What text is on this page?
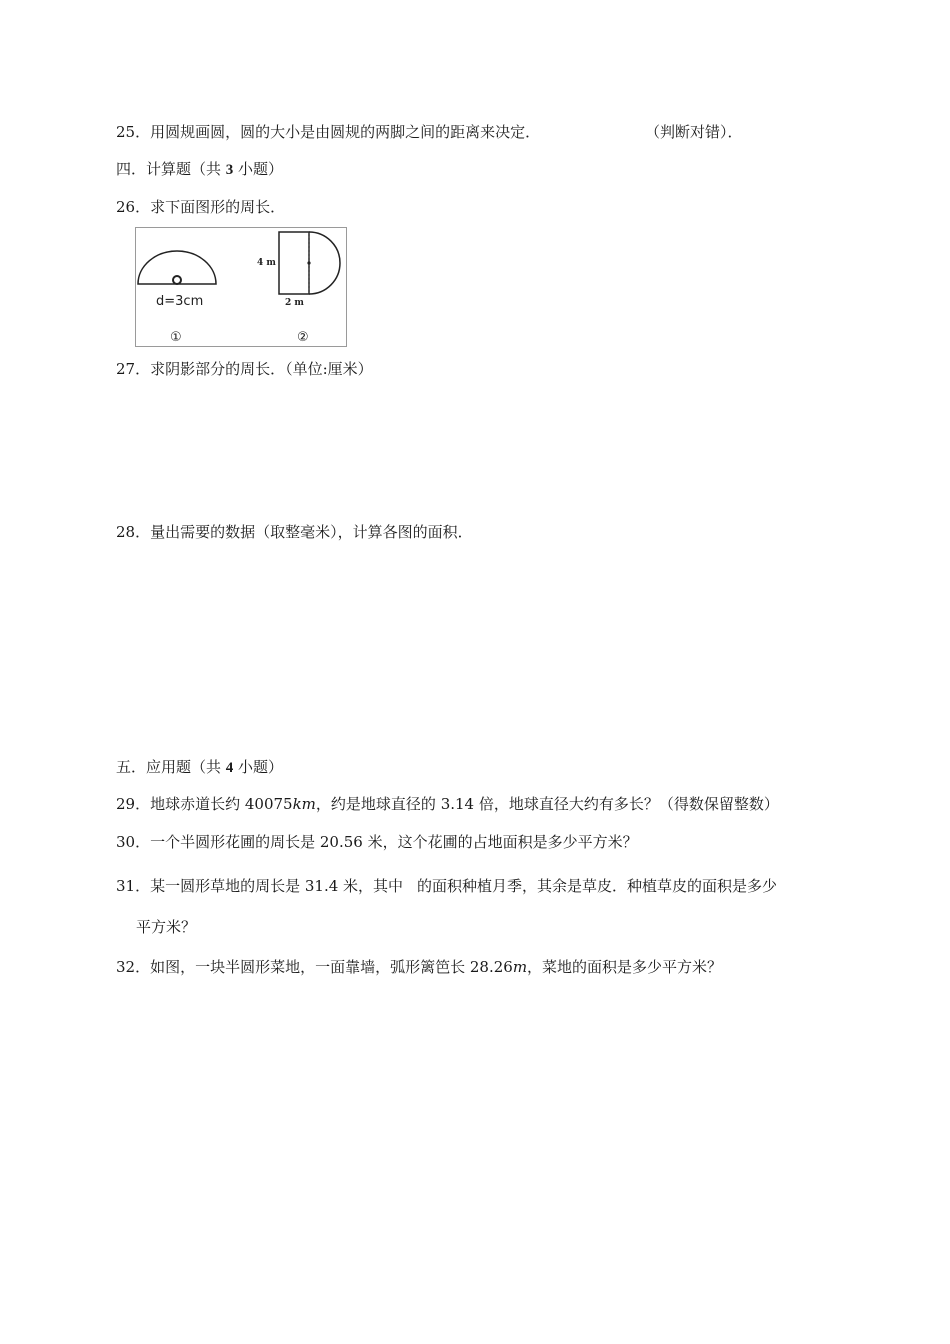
25．用圆规画圆，圆的大小是由圆规的两脚之间的距离来决定．	（判断对错）．
四．计算题（共 3 小题）
26．求下面图形的周长．
d=3cm
①
4 m
2 m
②
27．求阴影部分的周长．（单位:厘米）
28．量出需要的数据（取整毫米），计算各图的面积．
五．应用题（共 4 小题）
29．地球赤道长约 40075km，约是地球直径的 3.14 倍，地球直径大约有多长？（得数保留整数）
30．一个半圆形花圃的周长是 20.56 米，这个花圃的占地面积是多少平方米？
31．某一圆形草地的周长是 31.4 米，其中 的面积种植月季，其余是草皮．种植草皮的面积是多少
平方米？
32．如图，一块半圆形菜地，一面靠墙，弧形篱笆长 28.26m，菜地的面积是多少平方米？
